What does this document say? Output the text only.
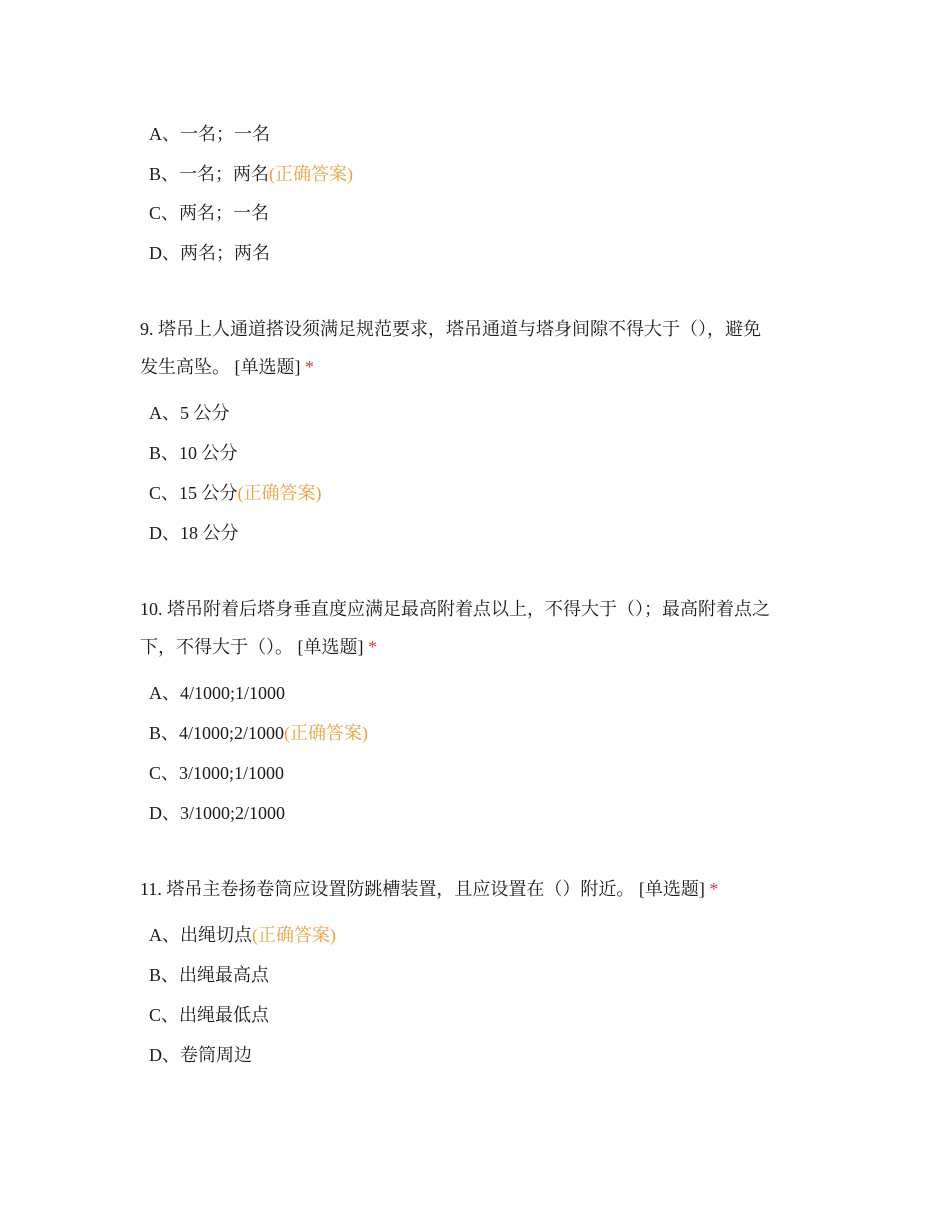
A、一名；一名
B、一名；两名(正确答案)
C、两名；一名
D、两名；两名

9. 塔吊上人通道搭设须满足规范要求，塔吊通道与塔身间隙不得大于（），避免
发生高坠。 [单选题] *

A、5 公分
B、10 公分
C、15 公分(正确答案)
D、18 公分

10. 塔吊附着后塔身垂直度应满足最高附着点以上，不得大于（）；最高附着点之
下，不得大于（）。 [单选题] *

A、4/1000;1/1000
B、4/1000;2/1000(正确答案)
C、3/1000;1/1000
D、3/1000;2/1000

11. 塔吊主卷扬卷筒应设置防跳槽装置，且应设置在（）附近。 [单选题] *

A、出绳切点(正确答案)
B、出绳最高点
C、出绳最低点
D、卷筒周边
